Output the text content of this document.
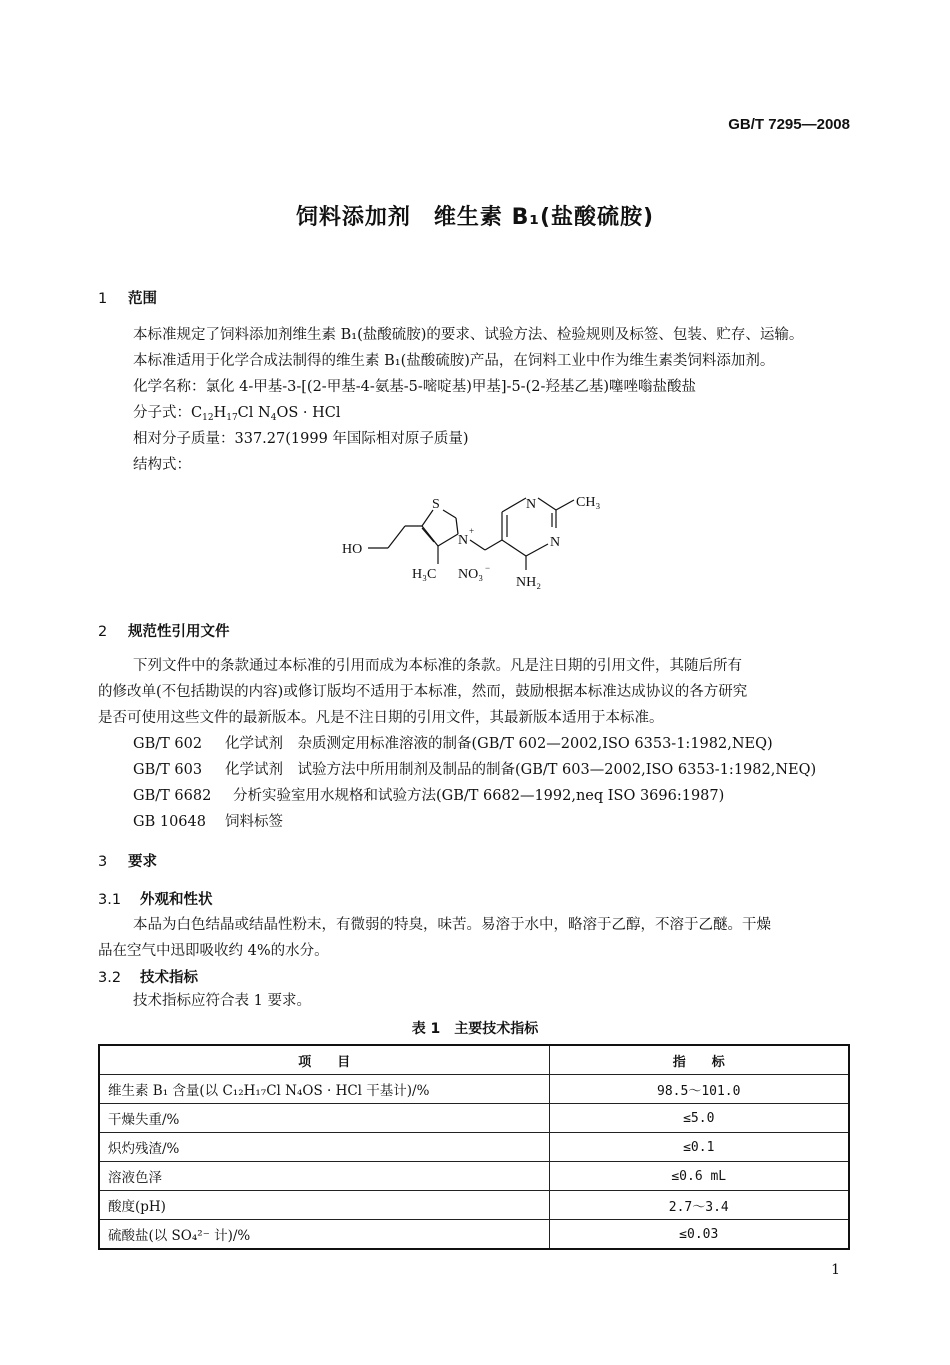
GB/T 7295—2008
饲料添加剂　维生素 B₁(盐酸硫胺)
1 范围
本标准规定了饲料添加剂维生素 B₁(盐酸硫胺)的要求、试验方法、检验规则及标签、包装、贮存、运输。
本标准适用于化学合成法制得的维生素 B₁(盐酸硫胺)产品，在饲料工业中作为维生素类饲料添加剂。
化学名称：氯化 4-甲基-3-[(2-甲基-4-氨基-5-嘧啶基)甲基]-5-(2-羟基乙基)噻唑嗡盐酸盐
分子式：$C_{12}H_{17}Cl$ $N_4OS$ · HCl
相对分子质量：337.27(1999 年国际相对原子质量)
结构式：
HO
S
N
+
N
N
CH₃
H₃C NO₃ −
NH₂
2 规范性引用文件
下列文件中的条款通过本标准的引用而成为本标准的条款。凡是注日期的引用文件，其随后所有
的修改单(不包括勘误的内容)或修订版均不适用于本标准，然而，鼓励根据本标准达成协议的各方研究
是否可使用这些文件的最新版本。凡是不注日期的引用文件，其最新版本适用于本标准。
GB/T 602 化学试剂　杂质测定用标准溶液的制备(GB/T 602—2002,ISO 6353-1:1982,NEQ)
GB/T 603 化学试剂　试验方法中所用制剂及制品的制备(GB/T 603—2002,ISO 6353-1:1982,NEQ)
GB/T 6682 分析实验室用水规格和试验方法(GB/T 6682—1992,neq ISO 3696:1987)
GB 10648 饲料标签
3 要求
3.1 外观和性状
本品为白色结晶或结晶性粉末，有微弱的特臭，味苦。易溶于水中，略溶于乙醇，不溶于乙醚。干燥
品在空气中迅即吸收约 4%的水分。
3.2 技术指标
技术指标应符合表 1 要求。
表 1　主要技术指标
项　　目	指　　标
维生素 B₁ 含量(以 C₁₂H₁₇Cl N₄OS · HCl 干基计)/%	98.5～101.0
干燥失重/%	≤5.0
炽灼残渣/%	≤0.1
溶液色泽	≤0.6 mL
酸度(pH)	2.7～3.4
硫酸盐(以 SO₄²⁻ 计)/%	≤0.03
1
